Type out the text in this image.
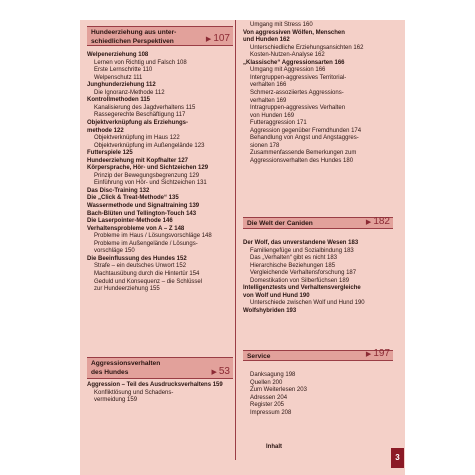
Hundeerziehung aus unter-
schiedlichen Perspektiven	▶ 107
Welpenerziehung 108
Lernen von Richtig und Falsch 108
Erste Lernschritte 110
Welpenschutz 111
Junghunderziehung 112
Die Ignoranz-Methode 112
Kontrollmethoden 115
Kanalisierung des Jagdverhaltens 115
Rassegerechte Beschäftigung 117
Objektverknüpfung als Erziehungs-
methode 122
Objektverknüpfung im Haus 122
Objektverknüpfung im Außengelände 123
Futterspiele 125
Hundeerziehung mit Kopfhalter 127
Körpersprache, Hör- und Sichtzeichen 129
Prinzip der Bewegungsbegrenzung 129
Einführung von Hör- und Sichtzeichen 131
Das Disc-Training 132
Die „Click & Treat-Methode“ 135
Wassermethode und Signaltraining 139
Bach-Blüten und Tellington-Touch 143
Die Laserpointer-Methode 146
Verhaltensprobleme von A – Z 148
Probleme im Haus / Lösungsvorschläge 148
Probleme im Außengelände / Lösungs-
vorschläge 150
Die Beeinflussung des Hundes 152
Strafe – ein deutsches Unwort 152
Machtausübung durch die Hintertür 154
Geduld und Konsequenz – die Schlüssel
zur Hundeerziehung 155
Aggressionsverhalten
des Hundes	▶ 53
Aggression – Teil des Ausdrucksverhaltens 159
Konfliktlösung und Schadens-
vermeidung 159
Umgang mit Stress 160
Von aggressiven Wölfen, Menschen
und Hunden 162
Unterschiedliche Erziehungsansichten 162
Kosten-Nutzen-Analyse 162
„Klassische“ Aggressionsarten 166
Umgang mit Aggression 166
Intergruppen-aggressives Territorial-
verhalten 166
Schmerz-assoziiertes Aggressions-
verhalten 169
Intragruppen-aggressives Verhalten
von Hunden 169
Futteraggression 171
Aggression gegenüber Fremdhunden 174
Behandlung von Angst und Angstaggres-
sionen 178
Zusammenfassende Bemerkungen zum
Aggressionsverhalten des Hundes 180
Die Welt der Caniden	▶ 182
Der Wolf, das unverstandene Wesen 183
Familiengefüge und Sozialbindung 183
Das „Verhalten“ gibt es nicht 183
Hierarchische Beziehungen 185
Vergleichende Verhaltensforschung 187
Domestikation von Silberfüchsen 189
Intelligenztests und Verhaltensvergleiche
von Wolf und Hund 190
Unterschiede zwischen Wolf und Hund 190
Wolfshybriden 193
Service	▶ 197
Danksagung 198
Quellen 200
Zum Weiterlesen 203
Adressen 204
Register 205
Impressum 208
Inhalt
3
